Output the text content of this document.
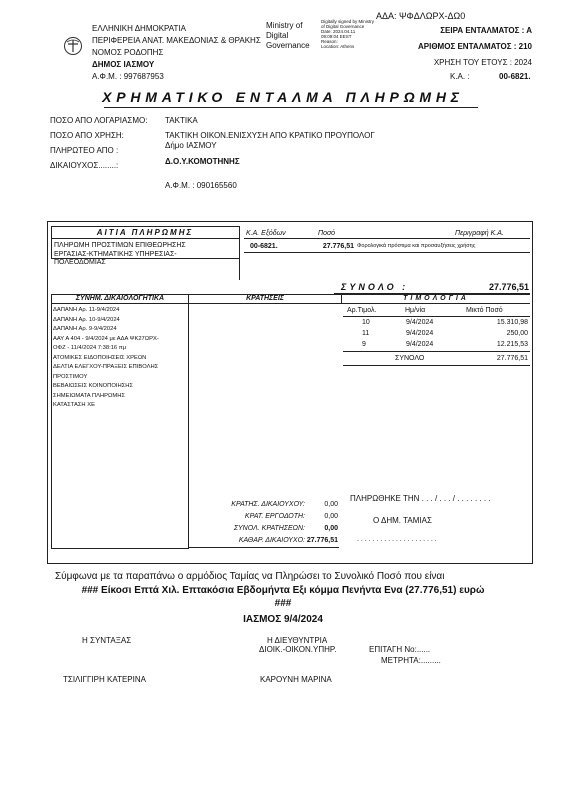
ΕΛΛΗΝΙΚΗ ΔΗΜΟΚΡΑΤΙΑ
ΠΕΡΙΦΕΡΕΙΑ ΑΝΑΤ. ΜΑΚΕΔΟΝΙΑΣ & ΘΡΑΚΗΣ
ΝΟΜΟΣ ΡΟΔΟΠΗΣ
ΔΗΜΟΣ ΙΑΣΜΟΥ
Α.Φ.Μ. : 997687953
Ministry of
Digital
Governance
Digitally signed by Ministry
of Digital Governance
Date: 2024.04.11
09:09:04 EEST
Reason:
Location: Athens
ΑΔΑ: ΨΦΔΛΩΡΧ-ΔΩ0
ΣΕΙΡΑ ΕΝΤΑΛΜΑΤΟΣ : Α
ΑΡΙΘΜΟΣ ΕΝΤΑΛΜΑΤΟΣ : 210
ΧΡΗΣΗ ΤΟΥ ΕΤΟΥΣ : 2024
Κ.Α. :	00-6821.
ΧΡΗΜΑΤΙΚΟ ΕΝΤΑΛΜΑ ΠΛΗΡΩΜΗΣ
ΠΟΣΟ ΑΠΟ ΛΟΓΑΡΙΑΣΜΟ: ΤΑΚΤΙΚΑ
ΠΟΣΟ ΑΠΟ ΧΡΗΣΗ:	ΤΑΚΤΙΚΗ ΟΙΚΟΝ.ΕΝΙΣΧΥΣΗ ΑΠΟ ΚΡΑΤΙΚΟ ΠΡΟΥΠΟΛΟΓ
Δήμο ΙΑΣΜΟΥ
ΠΛΗΡΩΤΕΟ ΑΠΟ :
ΔΙΚΑΙΟΥΧΟΣ........:	Δ.Ο.Υ.ΚΟΜΟΤΗΝΗΣ
Α.Φ.Μ. : 090165560
ΑΙΤΙΑ ΠΛΗΡΩΜΗΣ
ΠΛΗΡΩΜΗ ΠΡΟΣΤΙΜΩΝ ΕΠΙΘΕΩΡΗΣΗΣ
ΕΡΓΑΣΙΑΣ-ΚΤΗΜΑΤΙΚΗΣ ΥΠΗΡΕΣΙΑΣ-
ΠΟΛΕΟΔΟΜΙΑΣ
Κ.Α. Εξόδων	Ποσό	Περιγραφή Κ.Α.
00-6821.	27.776,51 Φορολογικά πρόστιμα και προσαυξήσεις χρήσης
ΣΥΝΟΛΟ :	27.776,51
ΣΥΝΗΜ. ΔΙΚΑΙΟΛΟΓΗΤΙΚΑ	ΚΡΑΤΗΣΕΙΣ	ΤΙΜΟΛΟΓΙΑ
ΔΑΠΑΝΗ Αρ. 11-9/4/2024
ΔΑΠΑΝΗ Αρ. 10-9/4/2024
ΔΑΠΑΝΗ Αρ. 9-9/4/2024
ΑΑΥ Α 404 - 9/4/2024 με ΑΔΑ ΨΚ27ΩΡΧ-
ΟΦΖ - 11/4/2024 7:38:16 πμ
ΑΤΟΜΙΚΕΣ ΕΙΔΟΠΟΙΗΣΕΙΣ ΧΡΕΩΝ
ΔΕΛΤΙΑ ΕΛΕΓΧΟΥ-ΠΡΑΞΕΙΣ ΕΠΙΒΟΛΗΣ
ΠΡΟΣΤΙΜΟΥ
ΒΕΒΑΙΩΣΕΙΣ ΚΟΙΝΟΠΟΙΗΣΗΣ
ΣΗΜΕΙΩΜΑΤΑ ΠΛΗΡΩΜΗΣ
ΚΑΤΑΣΤΑΣΗ ΧΕ
Αρ.Τιμολ.	Ημ/νία	Μικτό Ποσό
10	9/4/2024	15.310,98
11	9/4/2024	250,00
9	9/4/2024	12.215,53
ΣΥΝΟΛΟ	27.776,51
ΚΡΑΤΗΣ. ΔΙΚΑΙΟΥΧΟΥ:	0,00
ΚΡΑΤ. ΕΡΓΟΔΟΤΗ:	0,00
ΣΥΝΟΛ. ΚΡΑΤΗΣΕΩΝ:	0,00
ΚΑΘΑΡ. ΔΙΚΑΙΟΥΧΟ: 27.776,51
ΠΛΗΡΩΘΗΚΕ ΤΗΝ . . . / . . . / . . . . . . . .
Ο ΔΗΜ. ΤΑΜΙΑΣ
. . . . . . . . . . . . . . . . . . . . .
Σύμφωνα με τα παραπάνω ο αρμόδιος Ταμίας να Πληρώσει το Συνολικό Ποσό που είναι
### Είκοσι Επτά Χιλ. Επτακόσια Εβδομήντα Εξι κόμμα Πενήντα Ενα (27.776,51) ευρώ
###
ΙΑΣΜΟΣ 9/4/2024
Η ΣΥΝΤΑΞΑΣ	Η ΔΙΕΥΘΥΝΤΡΙΑ
ΔΙΟΙΚ.-ΟΙΚΟΝ.ΥΠΗΡ.	ΕΠΙΤΑΓΗ Νο:......
ΜΕΤΡΗΤΑ:.........
ΤΣΙΛΙΓΓΙΡΗ ΚΑΤΕΡΙΝΑ	ΚΑΡΟΥΝΗ ΜΑΡΙΝΑ
